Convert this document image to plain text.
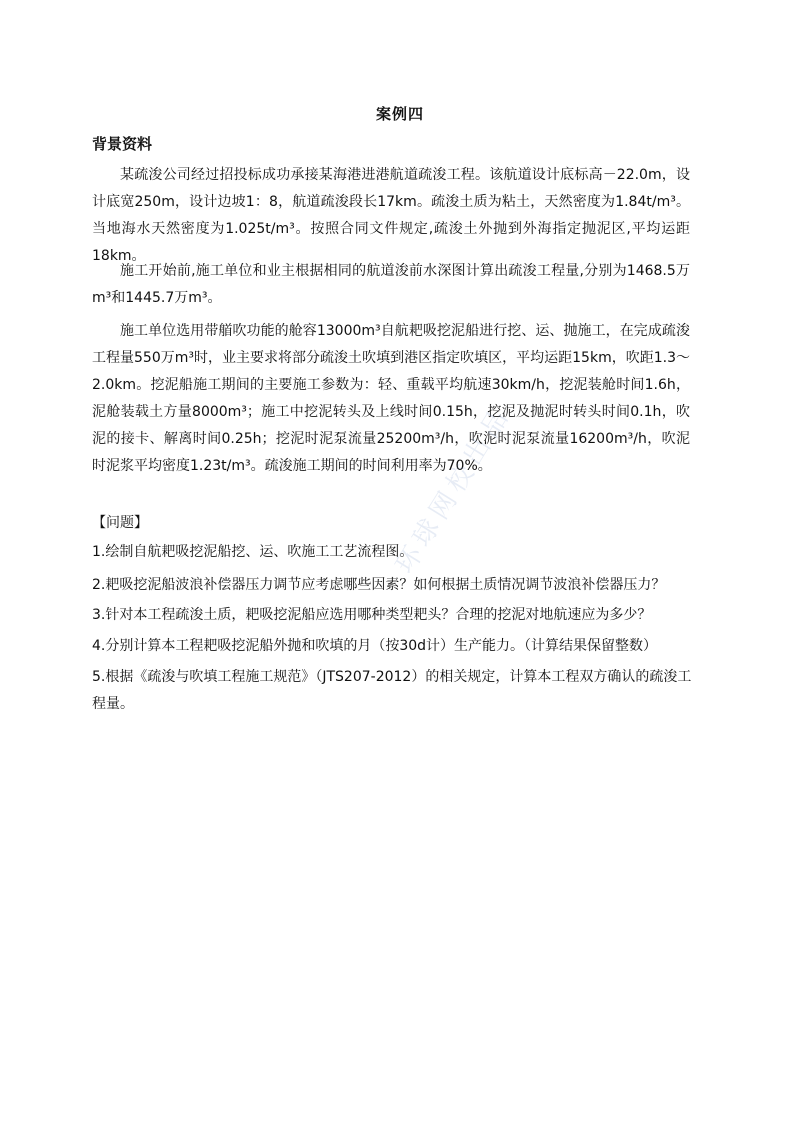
案例四
背景资料

某疏浚公司经过招投标成功承接某海港进港航道疏浚工程。该航道设计底标高－22.0m，设计底宽250m，设计边坡1：8，航道疏浚段长17km。疏浚土质为粘土，天然密度为1.84t/m³。当地海水天然密度为1.025t/m³。按照合同文件规定,疏浚土外抛到外海指定抛泥区,平均运距18km。

施工开始前,施工单位和业主根据相同的航道浚前水深图计算出疏浚工程量,分别为1468.5万m³和1445.7万m³。

施工单位选用带艏吹功能的舱容13000m³自航耙吸挖泥船进行挖、运、抛施工，在完成疏浚工程量550万m³时，业主要求将部分疏浚土吹填到港区指定吹填区，平均运距15km，吹距1.3～2.0km。挖泥船施工期间的主要施工参数为：轻、重载平均航速30km/h，挖泥装舱时间1.6h，泥舱装载土方量8000m³；施工中挖泥转头及上线时间0.15h，挖泥及抛泥时转头时间0.1h，吹泥的接卡、解离时间0.25h；挖泥时泥泵流量25200m³/h，吹泥时泥泵流量16200m³/h，吹泥时泥浆平均密度1.23t/m³。疏浚施工期间的时间利用率为70%。

【问题】

1.绘制自航耙吸挖泥船挖、运、吹施工工艺流程图。

2.耙吸挖泥船波浪补偿器压力调节应考虑哪些因素？如何根据土质情况调节波浪补偿器压力？

3.针对本工程疏浚土质，耙吸挖泥船应选用哪种类型耙头？合理的挖泥对地航速应为多少？

4.分别计算本工程耙吸挖泥船外抛和吹填的月（按30d计）生产能力。（计算结果保留整数）

5.根据《疏浚与吹填工程施工规范》（JTS207-2012）的相关规定，计算本工程双方确认的疏浚工程量。

环球网校出品
